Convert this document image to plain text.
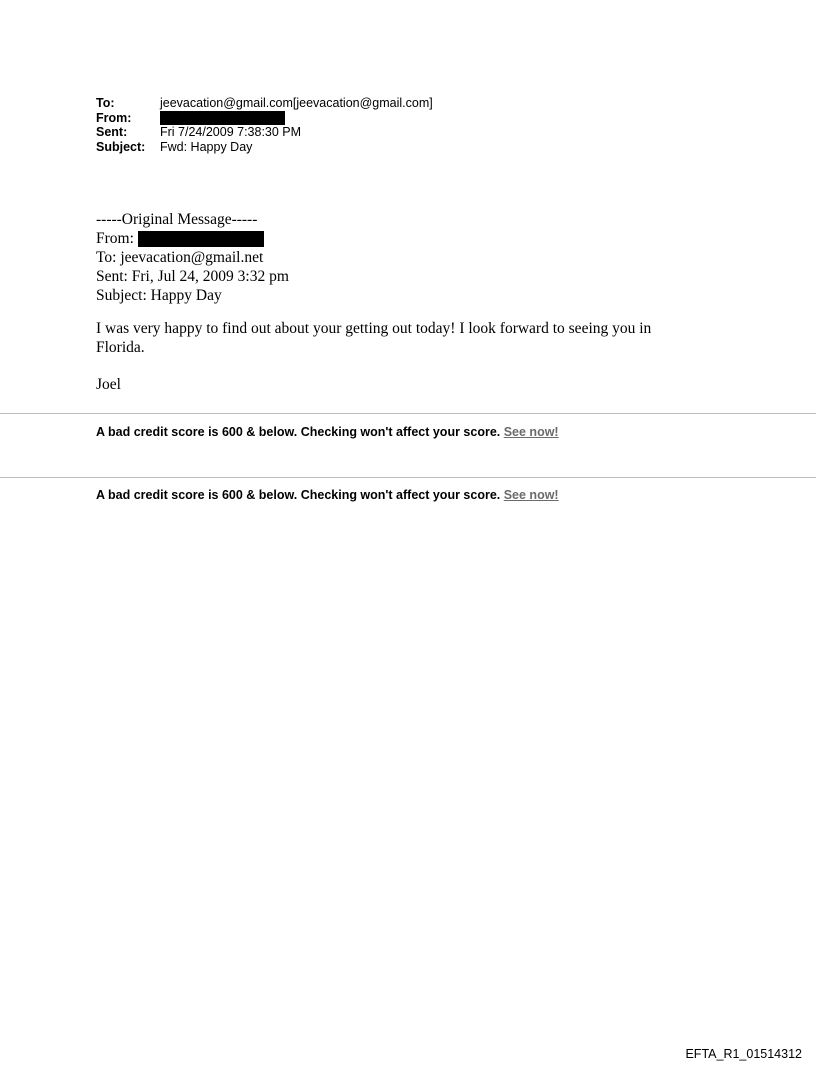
To:	jeevacation@gmail.com[jeevacation@gmail.com]
From:
Sent:	Fri 7/24/2009 7:38:30 PM
Subject:	Fwd: Happy Day
-----Original Message-----
From:
To: jeevacation@gmail.net
Sent: Fri, Jul 24, 2009 3:32 pm
Subject: Happy Day
I was very happy to find out about your getting out today! I look forward to seeing you in Florida.
Joel
A bad credit score is 600 & below. Checking won't affect your score. See now!
A bad credit score is 600 & below. Checking won't affect your score. See now!
EFTA_R1_01514312
